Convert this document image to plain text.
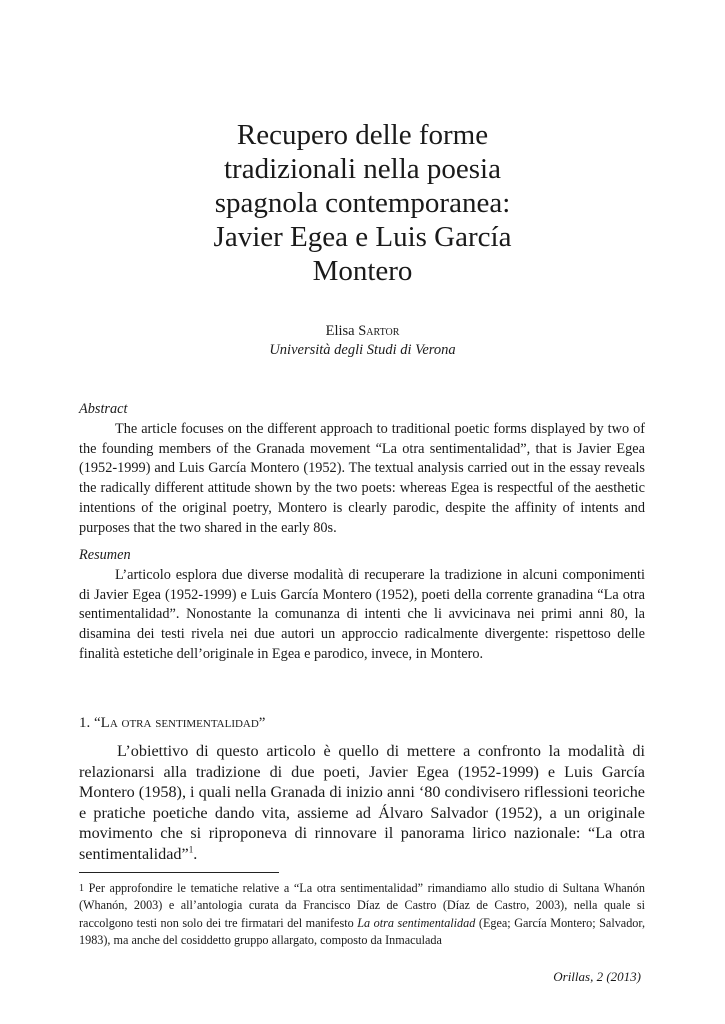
Recupero delle forme
tradizionali nella poesia
spagnola contemporanea:
Javier Egea e Luis García
Montero
Elisa Sartor
Università degli Studi di Verona
Abstract

The article focuses on the different approach to traditional poetic forms displayed by two of the founding members of the Granada movement “La otra sentimentalidad”, that is Javier Egea (1952-1999) and Luis García Montero (1952). The textual analysis carried out in the essay reveals the radically different attitude shown by the two poets: whereas Egea is respectful of the aesthetic intentions of the original poetry, Montero is clearly parodic, despite the affinity of intents and purposes that the two shared in the early 80s.

Resumen

L’articolo esplora due diverse modalità di recuperare la tradizione in alcuni componimenti di Javier Egea (1952-1999) e Luis García Montero (1952), poeti della corrente granadina “La otra sentimentalidad”. Nonostante la comunanza di intenti che li avvicinava nei primi anni 80, la disamina dei testi rivela nei due autori un approccio radicalmente divergente: rispettoso delle finalità estetiche dell’originale in Egea e parodico, invece, in Montero.

1. “La otra sentimentalidad”

L’obiettivo di questo articolo è quello di mettere a confronto la modalità di relazionarsi alla tradizione di due poeti, Javier Egea (1952-1999) e Luis García Montero (1958), i quali nella Granada di inizio anni ‘80 condivisero riflessioni teoriche e pratiche poetiche dando vita, assieme ad Álvaro Salvador (1952), a un originale movimento che si riproponeva di rinnovare il panorama lirico nazionale: “La otra sentimentalidad”$^1$.

1 Per approfondire le tematiche relative a “La otra sentimentalidad” rimandiamo allo studio di Sultana Whanón (Whanón, 2003) e all’antologia curata da Francisco Díaz de Castro (Díaz de Castro, 2003), nella quale si raccolgono testi non solo dei tre firmatari del manifesto La otra sentimentalidad (Egea; García Montero; Salvador, 1983), ma anche del cosiddetto gruppo allargato, composto da Inmaculada

Orillas, 2 (2013)
